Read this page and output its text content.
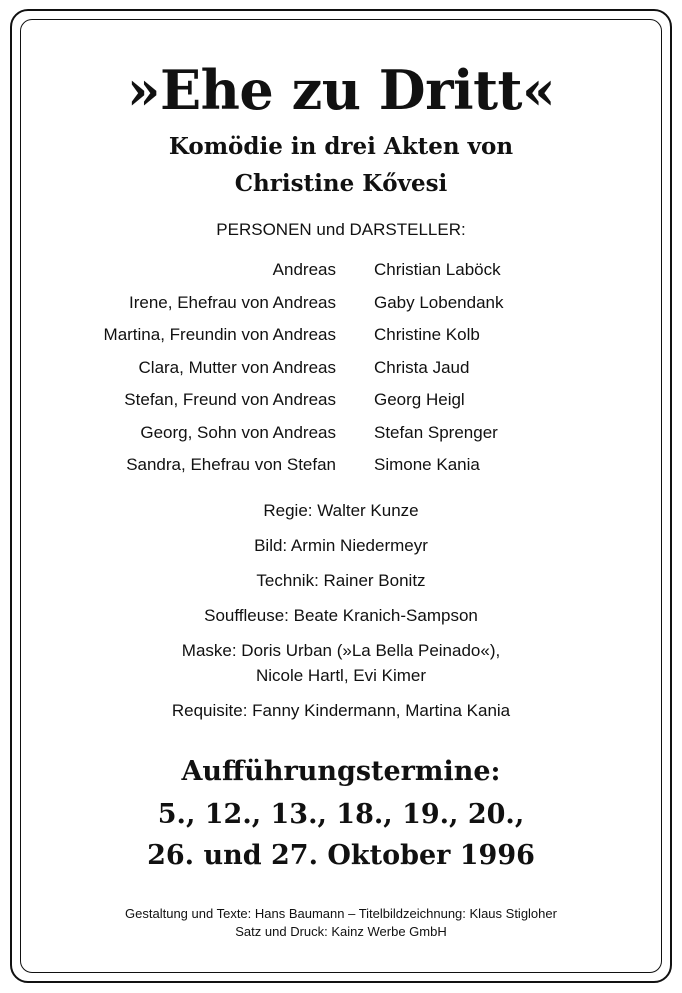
»Ehe zu Dritt«
Komödie in drei Akten von
Christine Kővesi
PERSONEN und DARSTELLER:
Andreas Christian Laböck
Irene, Ehefrau von Andreas Gaby Lobendank
Martina, Freundin von Andreas Christine Kolb
Clara, Mutter von Andreas Christa Jaud
Stefan, Freund von Andreas Georg Heigl
Georg, Sohn von Andreas Stefan Sprenger
Sandra, Ehefrau von Stefan Simone Kania
Regie: Walter Kunze
Bild: Armin Niedermeyr
Technik: Rainer Bonitz
Souffleuse: Beate Kranich-Sampson
Maske: Doris Urban (»La Bella Peinado«),
Nicole Hartl, Evi Kimer
Requisite: Fanny Kindermann, Martina Kania
Aufführungstermine:
5., 12., 13., 18., 19., 20.,
26. und 27. Oktober 1996
Gestaltung und Texte: Hans Baumann – Titelbildzeichnung: Klaus Stigloher
Satz und Druck: Kainz Werbe GmbH
